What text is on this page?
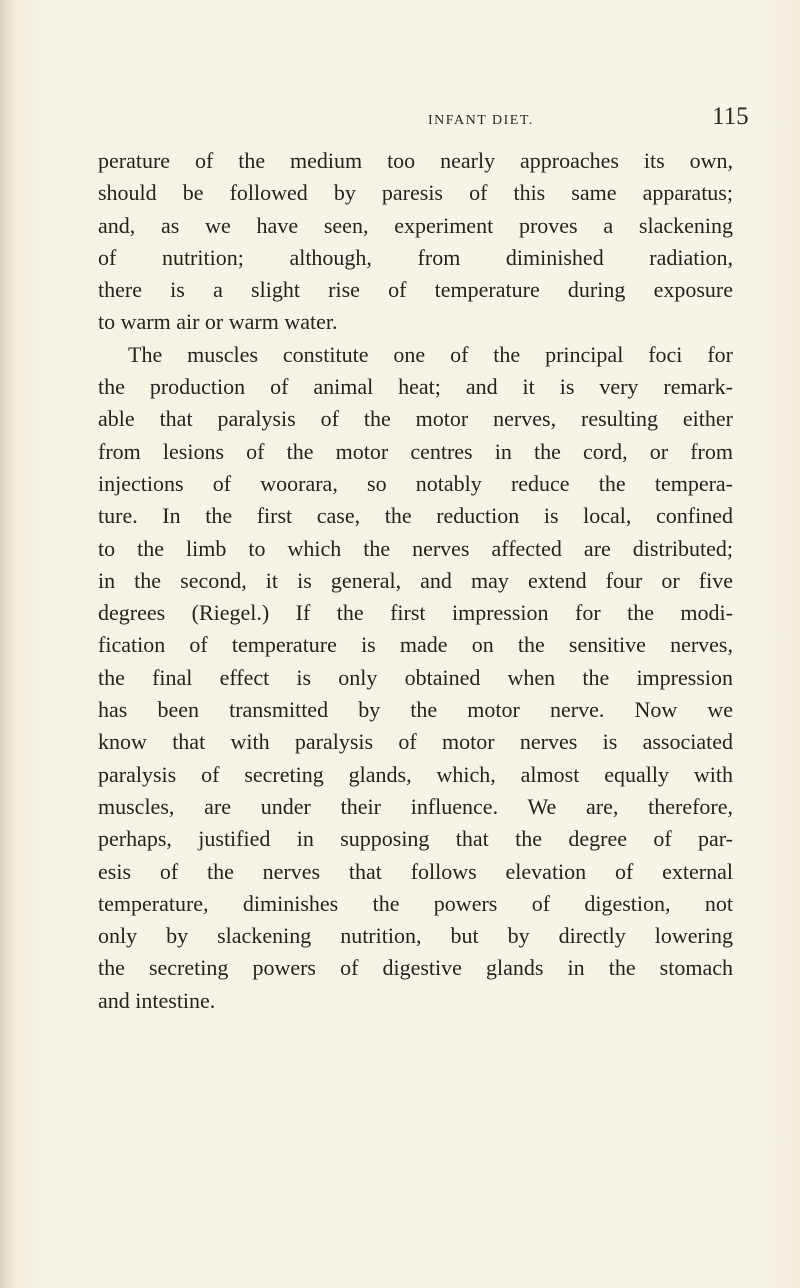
INFANT DIET.	115
perature of the medium too nearly approaches its own,
should be followed by paresis of this same apparatus;
and, as we have seen, experiment proves a slackening
of nutrition; although, from diminished radiation,
there is a slight rise of temperature during exposure
to warm air or warm water.
The muscles constitute one of the principal foci for
the production of animal heat; and it is very remark-
able that paralysis of the motor nerves, resulting either
from lesions of the motor centres in the cord, or from
injections of woorara, so notably reduce the tempera-
ture. In the first case, the reduction is local, confined
to the limb to which the nerves affected are distributed;
in the second, it is general, and may extend four or five
degrees (Riegel.) If the first impression for the modi-
fication of temperature is made on the sensitive nerves,
the final effect is only obtained when the impression
has been transmitted by the motor nerve. Now we
know that with paralysis of motor nerves is associated
paralysis of secreting glands, which, almost equally with
muscles, are under their influence. We are, therefore,
perhaps, justified in supposing that the degree of par-
esis of the nerves that follows elevation of external
temperature, diminishes the powers of digestion, not
only by slackening nutrition, but by directly lowering
the secreting powers of digestive glands in the stomach
and intestine.
